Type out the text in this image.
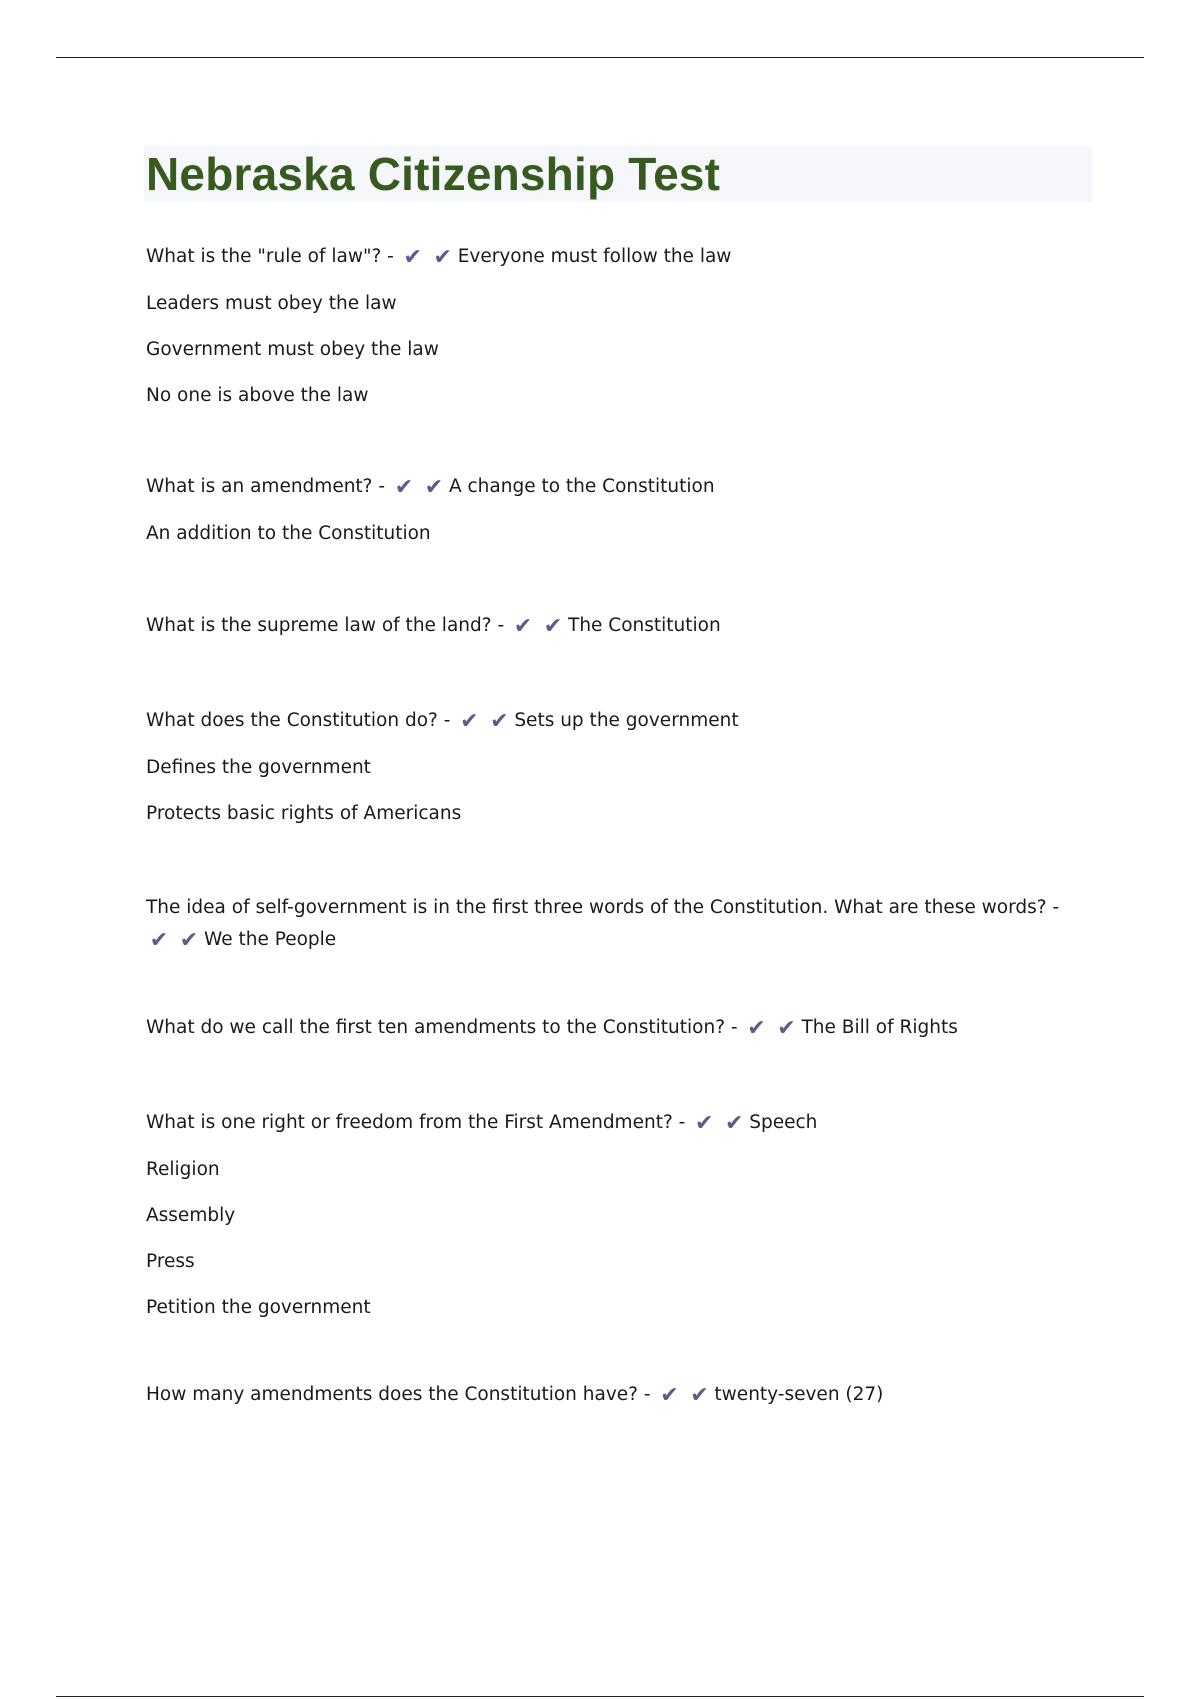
Nebraska Citizenship Test
What is the "rule of law"? - ✔ ✔ Everyone must follow the law
Leaders must obey the law
Government must obey the law
No one is above the law
What is an amendment? - ✔ ✔ A change to the Constitution
An addition to the Constitution
What is the supreme law of the land? - ✔ ✔ The Constitution
What does the Constitution do? - ✔ ✔ Sets up the government
Defines the government
Protects basic rights of Americans
The idea of self-government is in the first three words of the Constitution. What are these words? - ✔ ✔ We the People
What do we call the first ten amendments to the Constitution? - ✔ ✔ The Bill of Rights
What is one right or freedom from the First Amendment? - ✔ ✔ Speech
Religion
Assembly
Press
Petition the government
How many amendments does the Constitution have? - ✔ ✔ twenty-seven (27)
